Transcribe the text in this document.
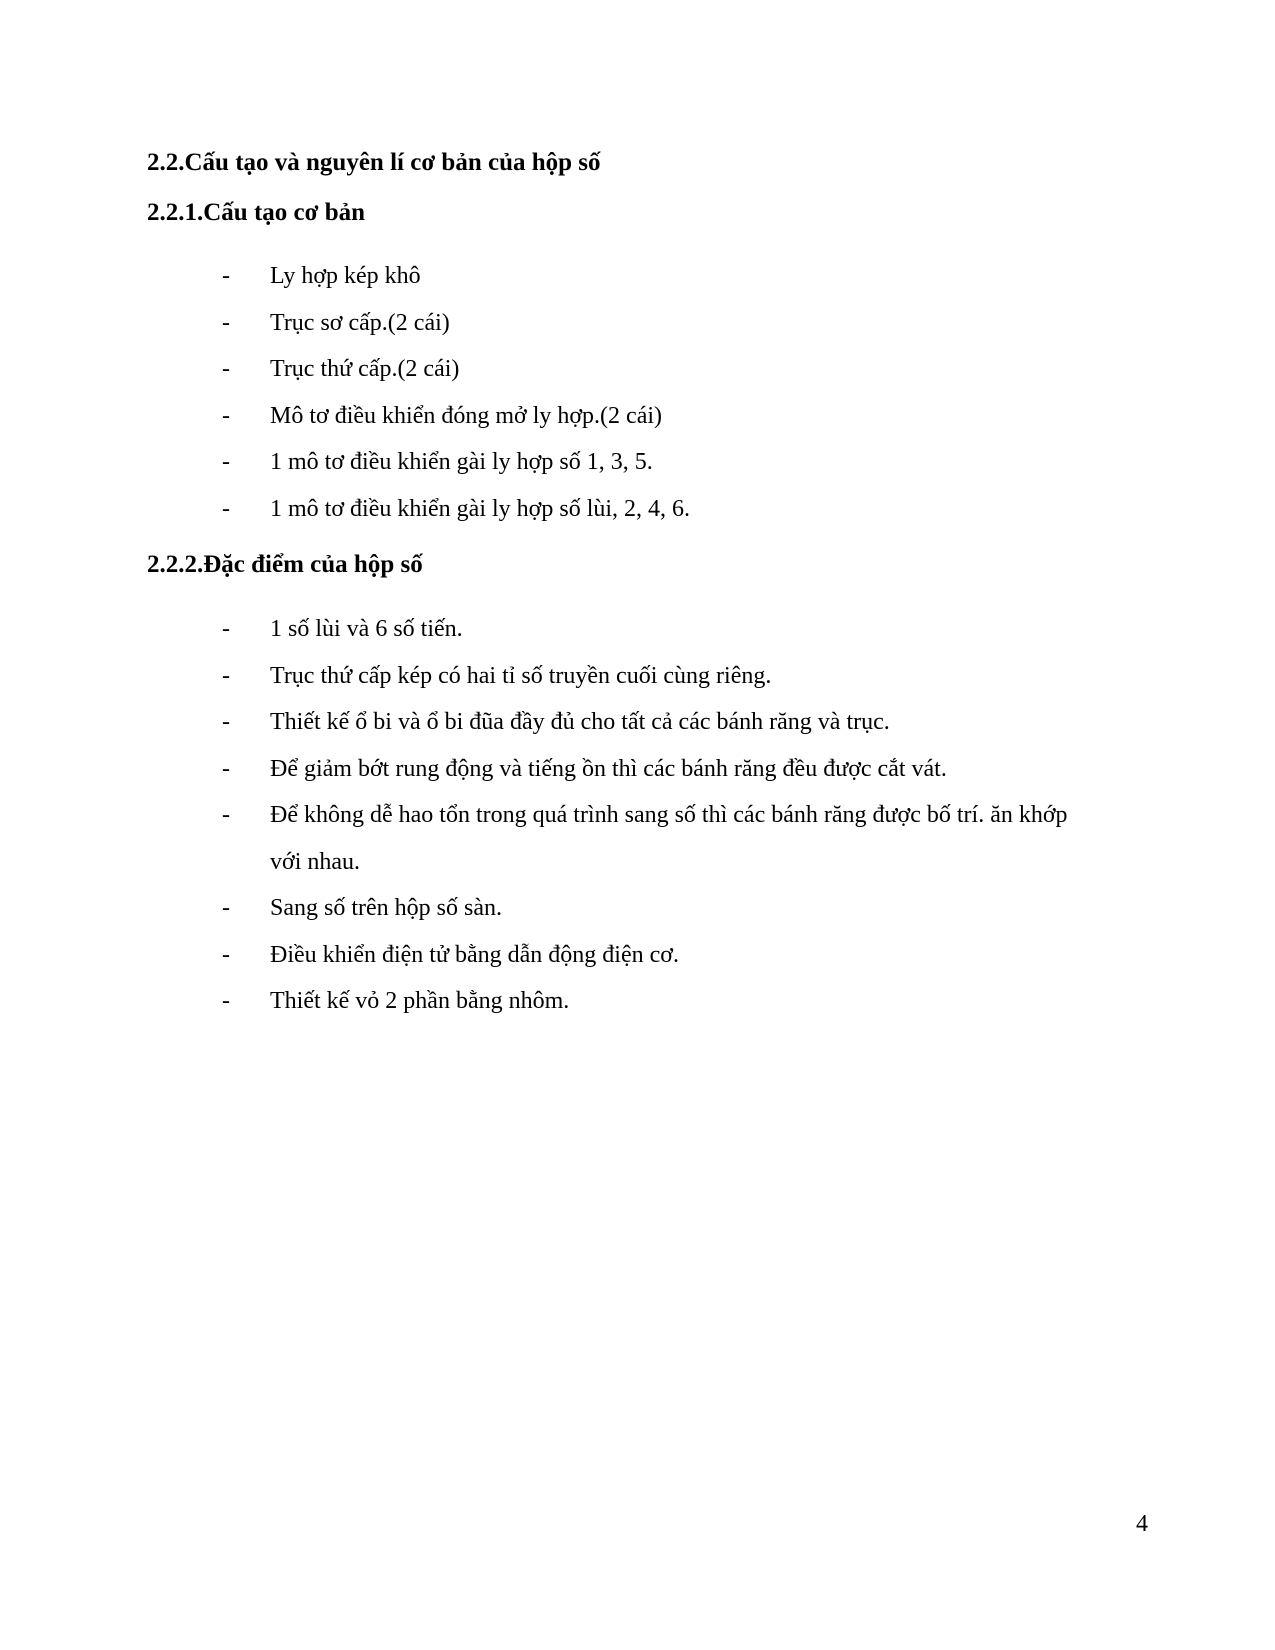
2.2.Cấu tạo và nguyên lí cơ bản của hộp số
2.2.1.Cấu tạo cơ bản
- Ly hợp kép khô
- Trục sơ cấp.(2 cái)
- Trục thứ cấp.(2 cái)
- Mô tơ điều khiển đóng mở ly hợp.(2 cái)
- 1 mô tơ điều khiển gài ly hợp số 1, 3, 5.
- 1 mô tơ điều khiển gài ly hợp số lùi, 2, 4, 6.
2.2.2.Đặc điểm của hộp số
- 1 số lùi và 6 số tiến.
- Trục thứ cấp kép có hai tỉ số truyền cuối cùng riêng.
- Thiết kế ổ bi và ổ bi đũa đầy đủ cho tất cả các bánh răng và trục.
- Để giảm bớt rung động và tiếng ồn thì các bánh răng đều được cắt vát.
- Để không dễ hao tổn trong quá trình sang số thì các bánh răng được bố trí. ăn khớp với nhau.
- Sang số trên hộp số sàn.
- Điều khiển điện tử bằng dẫn động điện cơ.
- Thiết kế vỏ 2 phần bằng nhôm.
4
